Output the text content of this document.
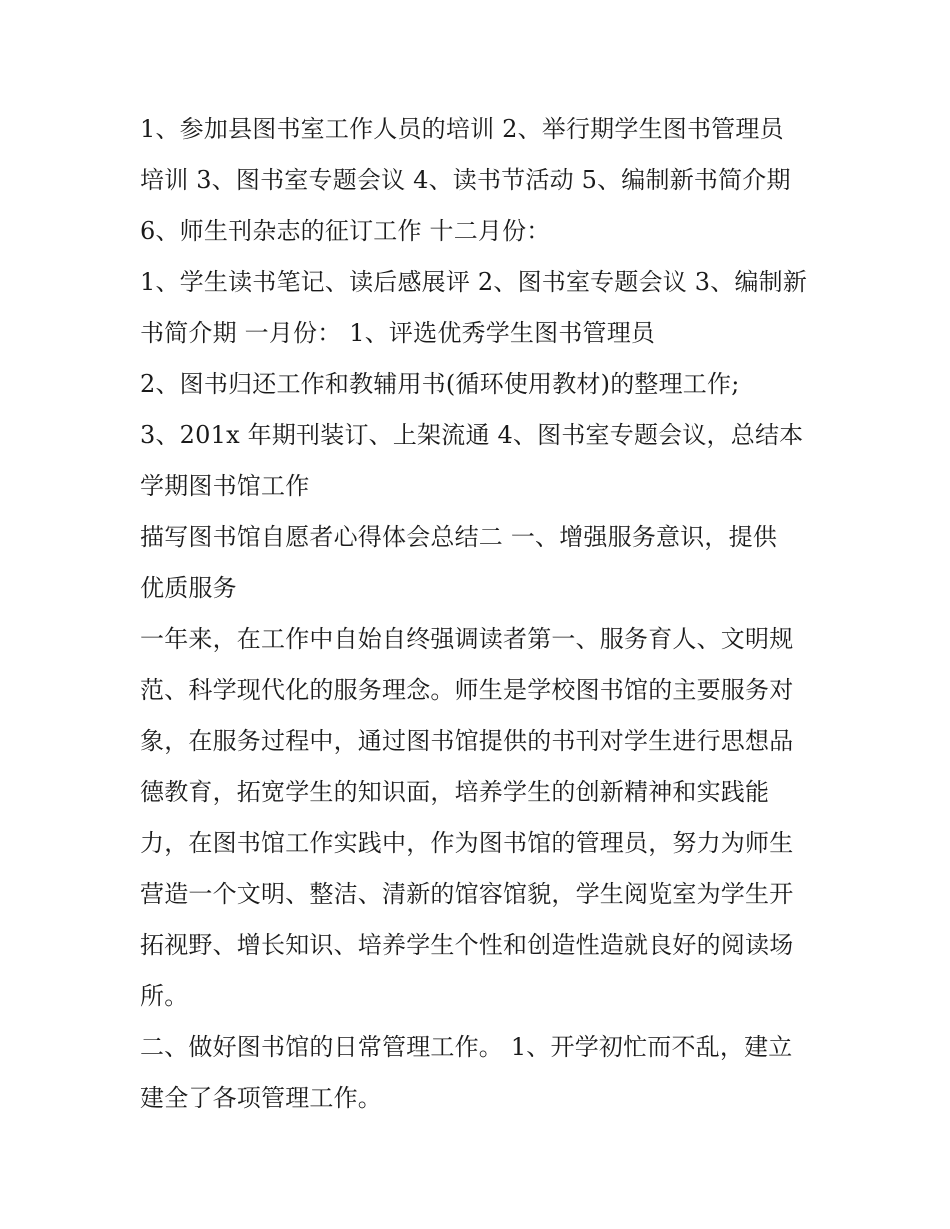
1、参加县图书室工作人员的培训 2、举行期学生图书管理员
培训 3、图书室专题会议 4、读书节活动 5、编制新书简介期
6、师生刊杂志的征订工作 十二月份：
1、学生读书笔记、读后感展评 2、图书室专题会议 3、编制新
书简介期 一月份： 1、评选优秀学生图书管理员
2、图书归还工作和教辅用书(循环使用教材)的整理工作;
3、201x 年期刊装订、上架流通 4、图书室专题会议，总结本
学期图书馆工作
描写图书馆自愿者心得体会总结二 一、增强服务意识，提供
优质服务
一年来，在工作中自始自终强调读者第一、服务育人、文明规
范、科学现代化的服务理念。师生是学校图书馆的主要服务对
象，在服务过程中，通过图书馆提供的书刊对学生进行思想品
德教育，拓宽学生的知识面，培养学生的创新精神和实践能
力，在图书馆工作实践中，作为图书馆的管理员，努力为师生
营造一个文明、整洁、清新的馆容馆貌，学生阅览室为学生开
拓视野、增长知识、培养学生个性和创造性造就良好的阅读场
所。
二、做好图书馆的日常管理工作。 1、开学初忙而不乱，建立
建全了各项管理工作。
